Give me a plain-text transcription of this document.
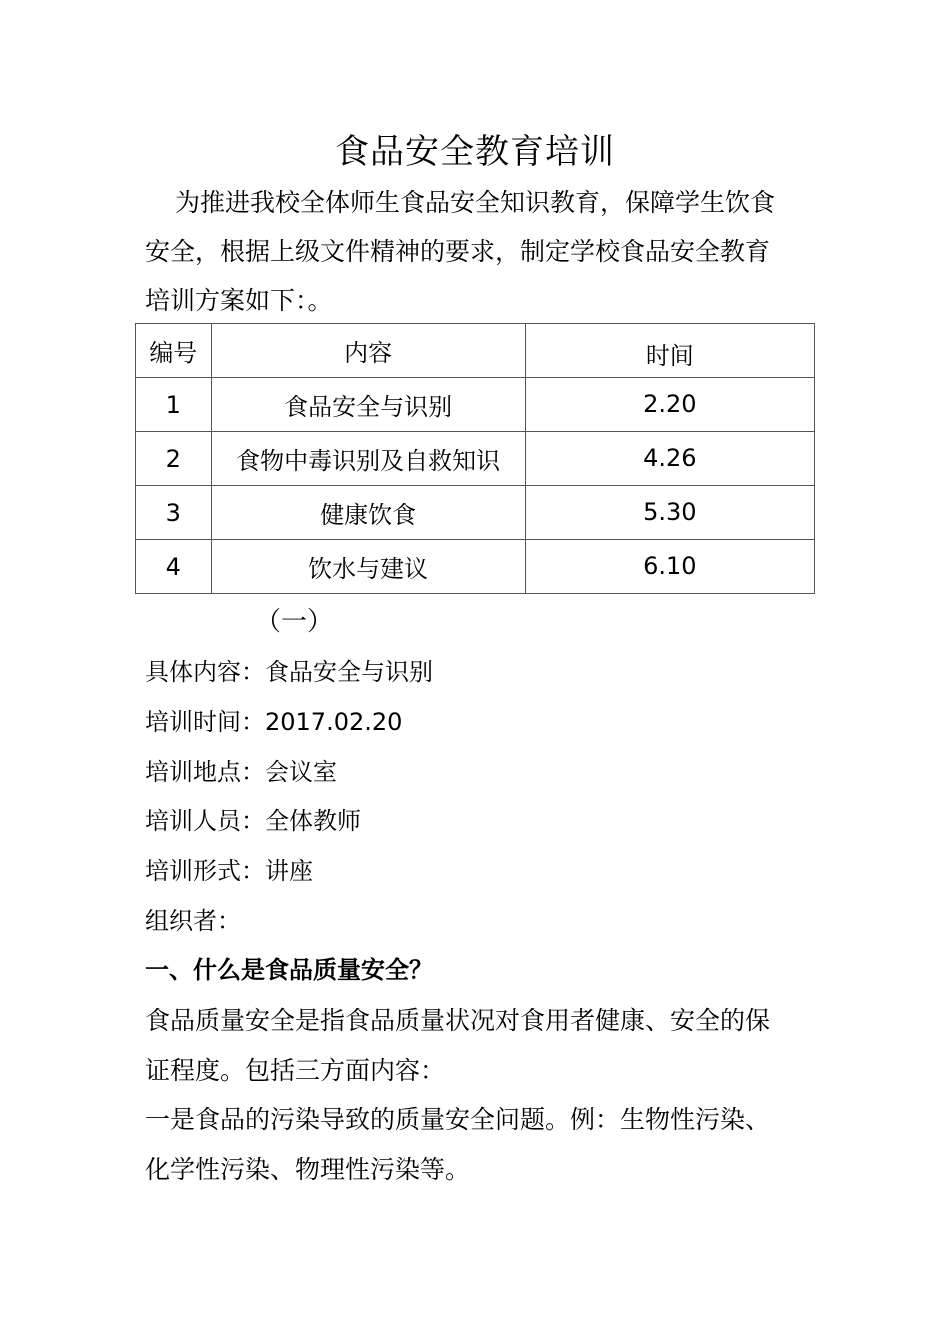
食品安全教育培训
为推进我校全体师生食品安全知识教育，保障学生饮食
安全，根据上级文件精神的要求，制定学校食品安全教育
培训方案如下：。
编号	内容	时间
1	食品安全与识别	2.20
2	食物中毒识别及自救知识	4.26
3	健康饮食	5.30
4	饮水与建议	6.10
（一）
具体内容：食品安全与识别
培训时间：2017.02.20
培训地点：会议室
培训人员：全体教师
培训形式：讲座
组织者：
一、什么是食品质量安全？
食品质量安全是指食品质量状况对食用者健康、安全的保
证程度。包括三方面内容：
一是食品的污染导致的质量安全问题。例：生物性污染、
化学性污染、物理性污染等。
